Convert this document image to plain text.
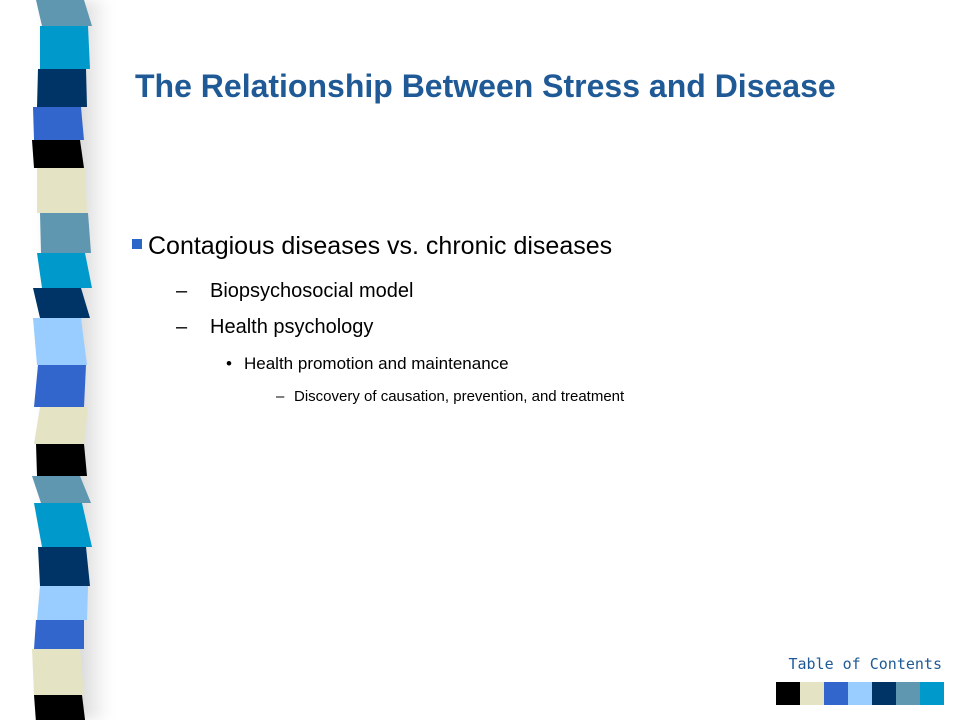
The Relationship Between Stress and Disease
Contagious diseases vs. chronic diseases
– Biopsychosocial model
– Health psychology
• Health promotion and maintenance
– Discovery of causation, prevention, and treatment
Table of Contents
